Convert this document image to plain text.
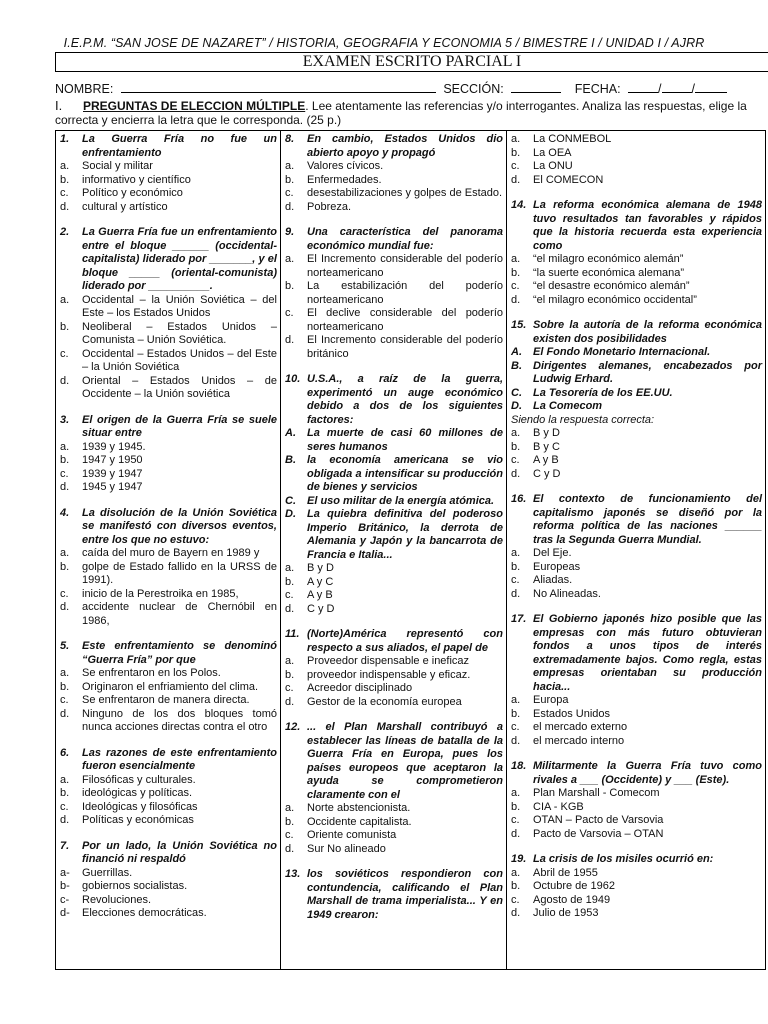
I.E.P.M. “SAN JOSE DE NAZARET” / HISTORIA, GEOGRAFIA Y ECONOMIA 5 / BIMESTRE I / UNIDAD I / AJRR
EXAMEN ESCRITO PARCIAL I
NOMBRE:	SECCIÓN:	FECHA:	/ /
I. PREGUNTAS DE ELECCION MÚLTIPLE. Lee atentamente las referencias y/o interrogantes. Analiza las respuestas, elige la correcta y encierra la letra que le corresponda. (25 p.)
1.	La Guerra Fría no fue un enfrentamiento
a.	Social y militar
b.	informativo y científico
c.	Político y económico
d.	cultural y artístico
2.	La Guerra Fría fue un enfrentamiento entre el bloque ______ (occidental-capitalista) liderado por _______, y el bloque _____ (oriental-comunista) liderado por __________.
a.	Occidental – la Unión Soviética – del Este – los Estados Unidos
b.	Neoliberal – Estados Unidos – Comunista – Unión Soviética.
c.	Occidental – Estados Unidos – del Este – la Unión Soviética
d.	Oriental – Estados Unidos – de Occidente – la Unión soviética
3.	El origen de la Guerra Fría se suele situar entre
a.	1939 y 1945.
b.	1947 y 1950
c.	1939 y 1947
d.	1945 y 1947
4.	La disolución de la Unión Soviética se manifestó con diversos eventos, entre los que no estuvo:
a.	caída del muro de Bayern en 1989 y
b.	golpe de Estado fallido en la URSS de 1991).
c.	inicio de la Perestroika en 1985,
d.	accidente nuclear de Chernóbil en 1986,
5.	Este enfrentamiento se denominó “Guerra Fría” por que
a.	Se enfrentaron en los Polos.
b.	Originaron el enfriamiento del clima.
c.	Se enfrentaron de manera directa.
d.	Ninguno de los dos bloques tomó nunca acciones directas contra el otro
6.	Las razones de este enfrentamiento fueron esencialmente
a.	Filosóficas y culturales.
b.	ideológicas y políticas.
c.	Ideológicas y filosóficas
d.	Políticas y económicas
7.	Por un lado, la Unión Soviética no financió ni respaldó
a-	Guerrillas.
b-	gobiernos socialistas.
c-	Revoluciones.
d-	Elecciones democráticas.
8.	En cambio, Estados Unidos dio abierto apoyo y propagó
a.	Valores cívicos.
b.	Enfermedades.
c.	desestabilizaciones y golpes de Estado.
d.	Pobreza.
9.	Una característica del panorama económico mundial fue:
a.	El Incremento considerable del poderío norteamericano
b.	La estabilización del poderío norteamericano
c.	El declive considerable del poderío norteamericano
d.	El Incremento considerable del poderío británico
10. U.S.A., a raíz de la guerra, experimentó un auge económico debido a dos de los siguientes factores:
A.	La muerte de casi 60 millones de seres humanos
B.	la economía americana se vio obligada a intensificar su producción de bienes y servicios
C.	El uso militar de la energía atómica.
D.	La quiebra definitiva del poderoso Imperio Británico, la derrota de Alemania y Japón y la bancarrota de Francia e Italia...
a.	B y D
b.	A y C
c.	A y B
d.	C y D
11. (Norte)América representó con respecto a sus aliados, el papel de
a.	Proveedor dispensable e ineficaz
b.	proveedor indispensable y eficaz.
c.	Acreedor disciplinado
d.	Gestor de la economía europea
12. ... el Plan Marshall contribuyó a establecer las líneas de batalla de la Guerra Fría en Europa, pues los países europeos que aceptaron la ayuda se comprometieron claramente con el
a.	Norte abstencionista.
b.	Occidente capitalista.
c.	Oriente comunista
d.	Sur No alineado
13. los soviéticos respondieron con contundencia, calificando el Plan Marshall de trama imperialista... Y en 1949 crearon:
a.	La CONMEBOL
b.	La OEA
c.	La ONU
d.	El COMECON
14. La reforma económica alemana de 1948 tuvo resultados tan favorables y rápidos que la historia recuerda esta experiencia como
a.	“el milagro económico alemán”
b.	“la suerte económica alemana”
c.	“el desastre económico alemán”
d.	“el milagro económico occidental”
15. Sobre la autoría de la reforma económica existen dos posibilidades
A.	El Fondo Monetario Internacional.
B.	Dirigentes alemanes, encabezados por Ludwig Erhard.
C.	La Tesorería de los EE.UU.
D.	La Comecom
Siendo la respuesta correcta:
a.	B y D
b.	B y C
c.	A y B
d.	C y D
16. El contexto de funcionamiento del capitalismo japonés se diseñó por la reforma política de las naciones ______ tras la Segunda Guerra Mundial.
a.	Del Eje.
b.	Europeas
c.	Aliadas.
d.	No Alineadas.
17. El Gobierno japonés hizo posible que las empresas con más futuro obtuvieran fondos a unos tipos de interés extremadamente bajos. Como regla, estas empresas orientaban su producción hacia...
a.	Europa
b.	Estados Unidos
c.	el mercado externo
d.	el mercado interno
18. Militarmente la Guerra Fría tuvo como rivales a ___ (Occidente) y ___ (Este).
a.	Plan Marshall - Comecom
b.	CIA - KGB
c.	OTAN – Pacto de Varsovia
d.	Pacto de Varsovia – OTAN
19. La crisis de los misiles ocurrió en:
a.	Abril de 1955
b.	Octubre de 1962
c.	Agosto de 1949
d.	Julio de 1953
